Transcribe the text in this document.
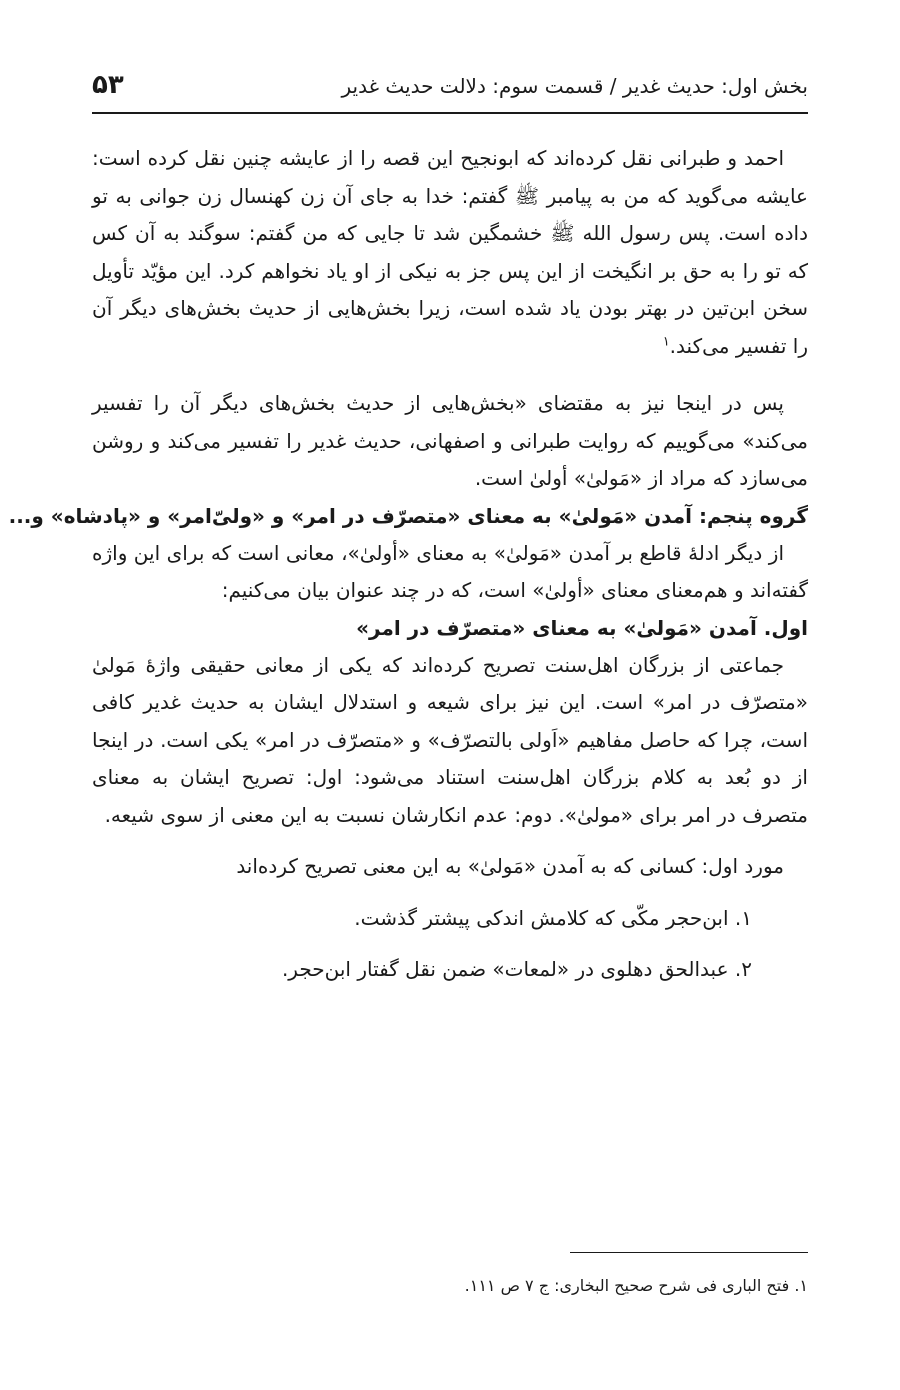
بخش اول: حدیث غدیر / قسمت سوم: دلالت حدیث غدیر
۵۳

احمد و طبرانی نقل کرده‌اند که ابونجیح این قصه را از عایشه چنین نقل کرده است: عایشه می‌گوید که من به پیامبر ﷺ گفتم: خدا به جای آن زن کهنسال زن جوانی به تو داده است. پس رسول الله ﷺ خشمگین شد تا جایی که من گفتم: سوگند به آن کس که تو را به حق بر انگیخت از این پس جز به نیکی از او یاد نخواهم کرد. این مؤیّد تأویل سخن ابن‌تین در بهتر بودن یاد شده است، زیرا بخش‌هایی از حدیث بخش‌های دیگر آن را تفسیر می‌کند.$^۱$

پس در اینجا نیز به مقتضای «بخش‌هایی از حدیث بخش‌های دیگر آن را تفسیر می‌کند» می‌گوییم که روایت طبرانی و اصفهانی، حدیث غدیر را تفسیر می‌کند و روشن می‌سازد که مراد از «مَولیٰ» أولیٰ است.

گروه پنجم: آمدن «مَولیٰ» به معنای «متصرّف در امر» و «ولیّ‌امر» و «پادشاه» و...

از دیگر ادلهٔ قاطع بر آمدن «مَولیٰ» به معنای «أولیٰ»، معانی است که برای این واژه گفته‌اند و هم‌معنای معنای «أولیٰ» است، که در چند عنوان بیان می‌کنیم:

اول. آمدن «مَولیٰ» به معنای «متصرّف در امر»

جماعتی از بزرگان اهل‌سنت تصریح کرده‌اند که یکی از معانی حقیقی واژهٔ مَولیٰ «متصرّف در امر» است. این نیز برای شیعه و استدلال ایشان به حدیث غدیر کافی است، چرا که حاصل مفاهیم «اَولی بالتصرّف» و «متصرّف در امر» یکی است. در اینجا از دو بُعد به کلام بزرگان اهل‌سنت استناد می‌شود: اول: تصریح ایشان به معنای متصرف در امر برای «مولیٰ». دوم: عدم انکارشان نسبت به این معنی از سوی شیعه.

مورد اول: کسانی که به آمدن «مَولیٰ» به این معنی تصریح کرده‌اند

۱. ابن‌حجر مکّی که کلامش اندکی پیشتر گذشت.

۲. عبدالحق دهلوی در «لمعات» ضمن نقل گفتار ابن‌حجر.

۱. فتح الباری فی شرح صحیح البخاری: ج ۷ ص ۱۱۱.
